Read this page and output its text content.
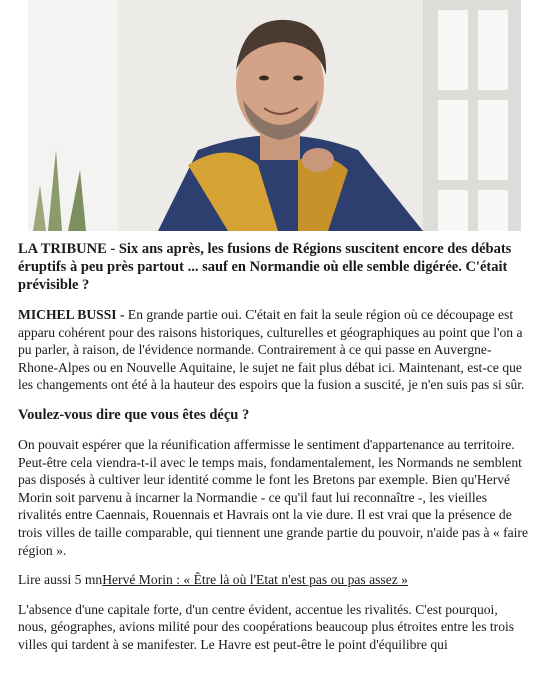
LA TRIBUNE - Six ans après, les fusions de Régions suscitent encore des débats éruptifs à peu près partout ... sauf en Normandie où elle semble digérée. C'était prévisible ?

MICHEL BUSSI - En grande partie oui. C'était en fait la seule région où ce découpage est apparu cohérent pour des raisons historiques, culturelles et géographiques au point que l'on a pu parler, à raison, de l'évidence normande. Contrairement à ce qui passe en Auvergne-Rhone-Alpes ou en Nouvelle Aquitaine, le sujet ne fait plus débat ici. Maintenant, est-ce que les changements ont été à la hauteur des espoirs que la fusion a suscité, je n'en suis pas si sûr.

Voulez-vous dire que vous êtes déçu ?

On pouvait espérer que la réunification affermisse le sentiment d'appartenance au territoire. Peut-être cela viendra-t-il avec le temps mais, fondamentalement, les Normands ne semblent pas disposés à cultiver leur identité comme le font les Bretons par exemple. Bien qu'Hervé Morin soit parvenu à incarner la Normandie - ce qu'il faut lui reconnaître -, les vieilles rivalités entre Caennais, Rouennais et Havrais ont la vie dure. Il est vrai que la présence de trois villes de taille comparable, qui tiennent une grande partie du pouvoir, n'aide pas à « faire région ».

Lire aussi 5 mnHervé Morin : « Être là où l'Etat n'est pas ou pas assez »

L'absence d'une capitale forte, d'un centre évident, accentue les rivalités. C'est pourquoi, nous, géographes, avions milité pour des coopérations beaucoup plus étroites entre les trois villes qui tardent à se manifester. Le Havre est peut-être le point d'équilibre qui
